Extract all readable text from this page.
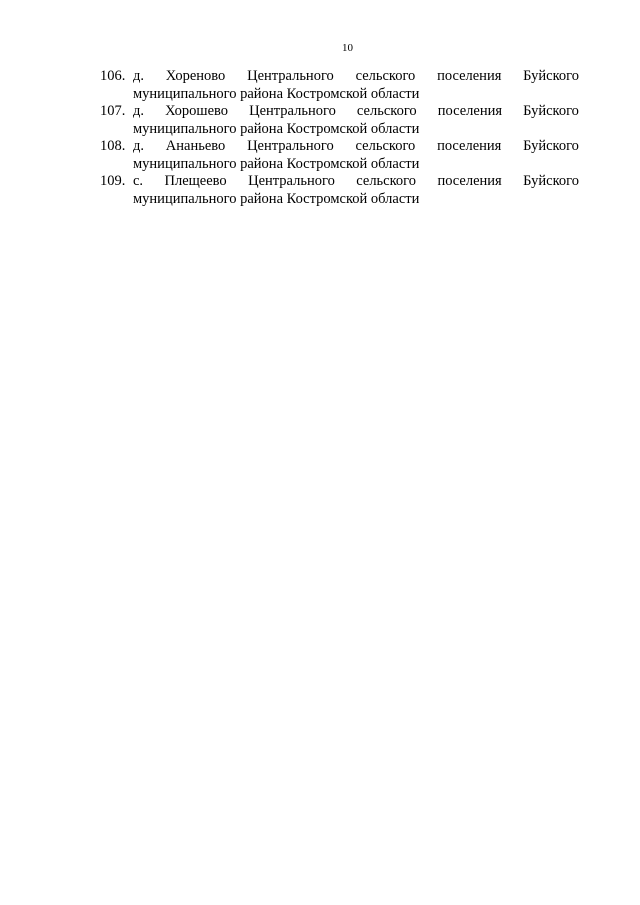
10
106. д. Хореново Центрального сельского поселения Буйского
муниципального района Костромской области
107. д. Хорошево Центрального сельского поселения Буйского
муниципального района Костромской области
108. д. Ананьево Центрального сельского поселения Буйского
муниципального района Костромской области
109. с. Плещеево Центрального сельского поселения Буйского
муниципального района Костромской области
